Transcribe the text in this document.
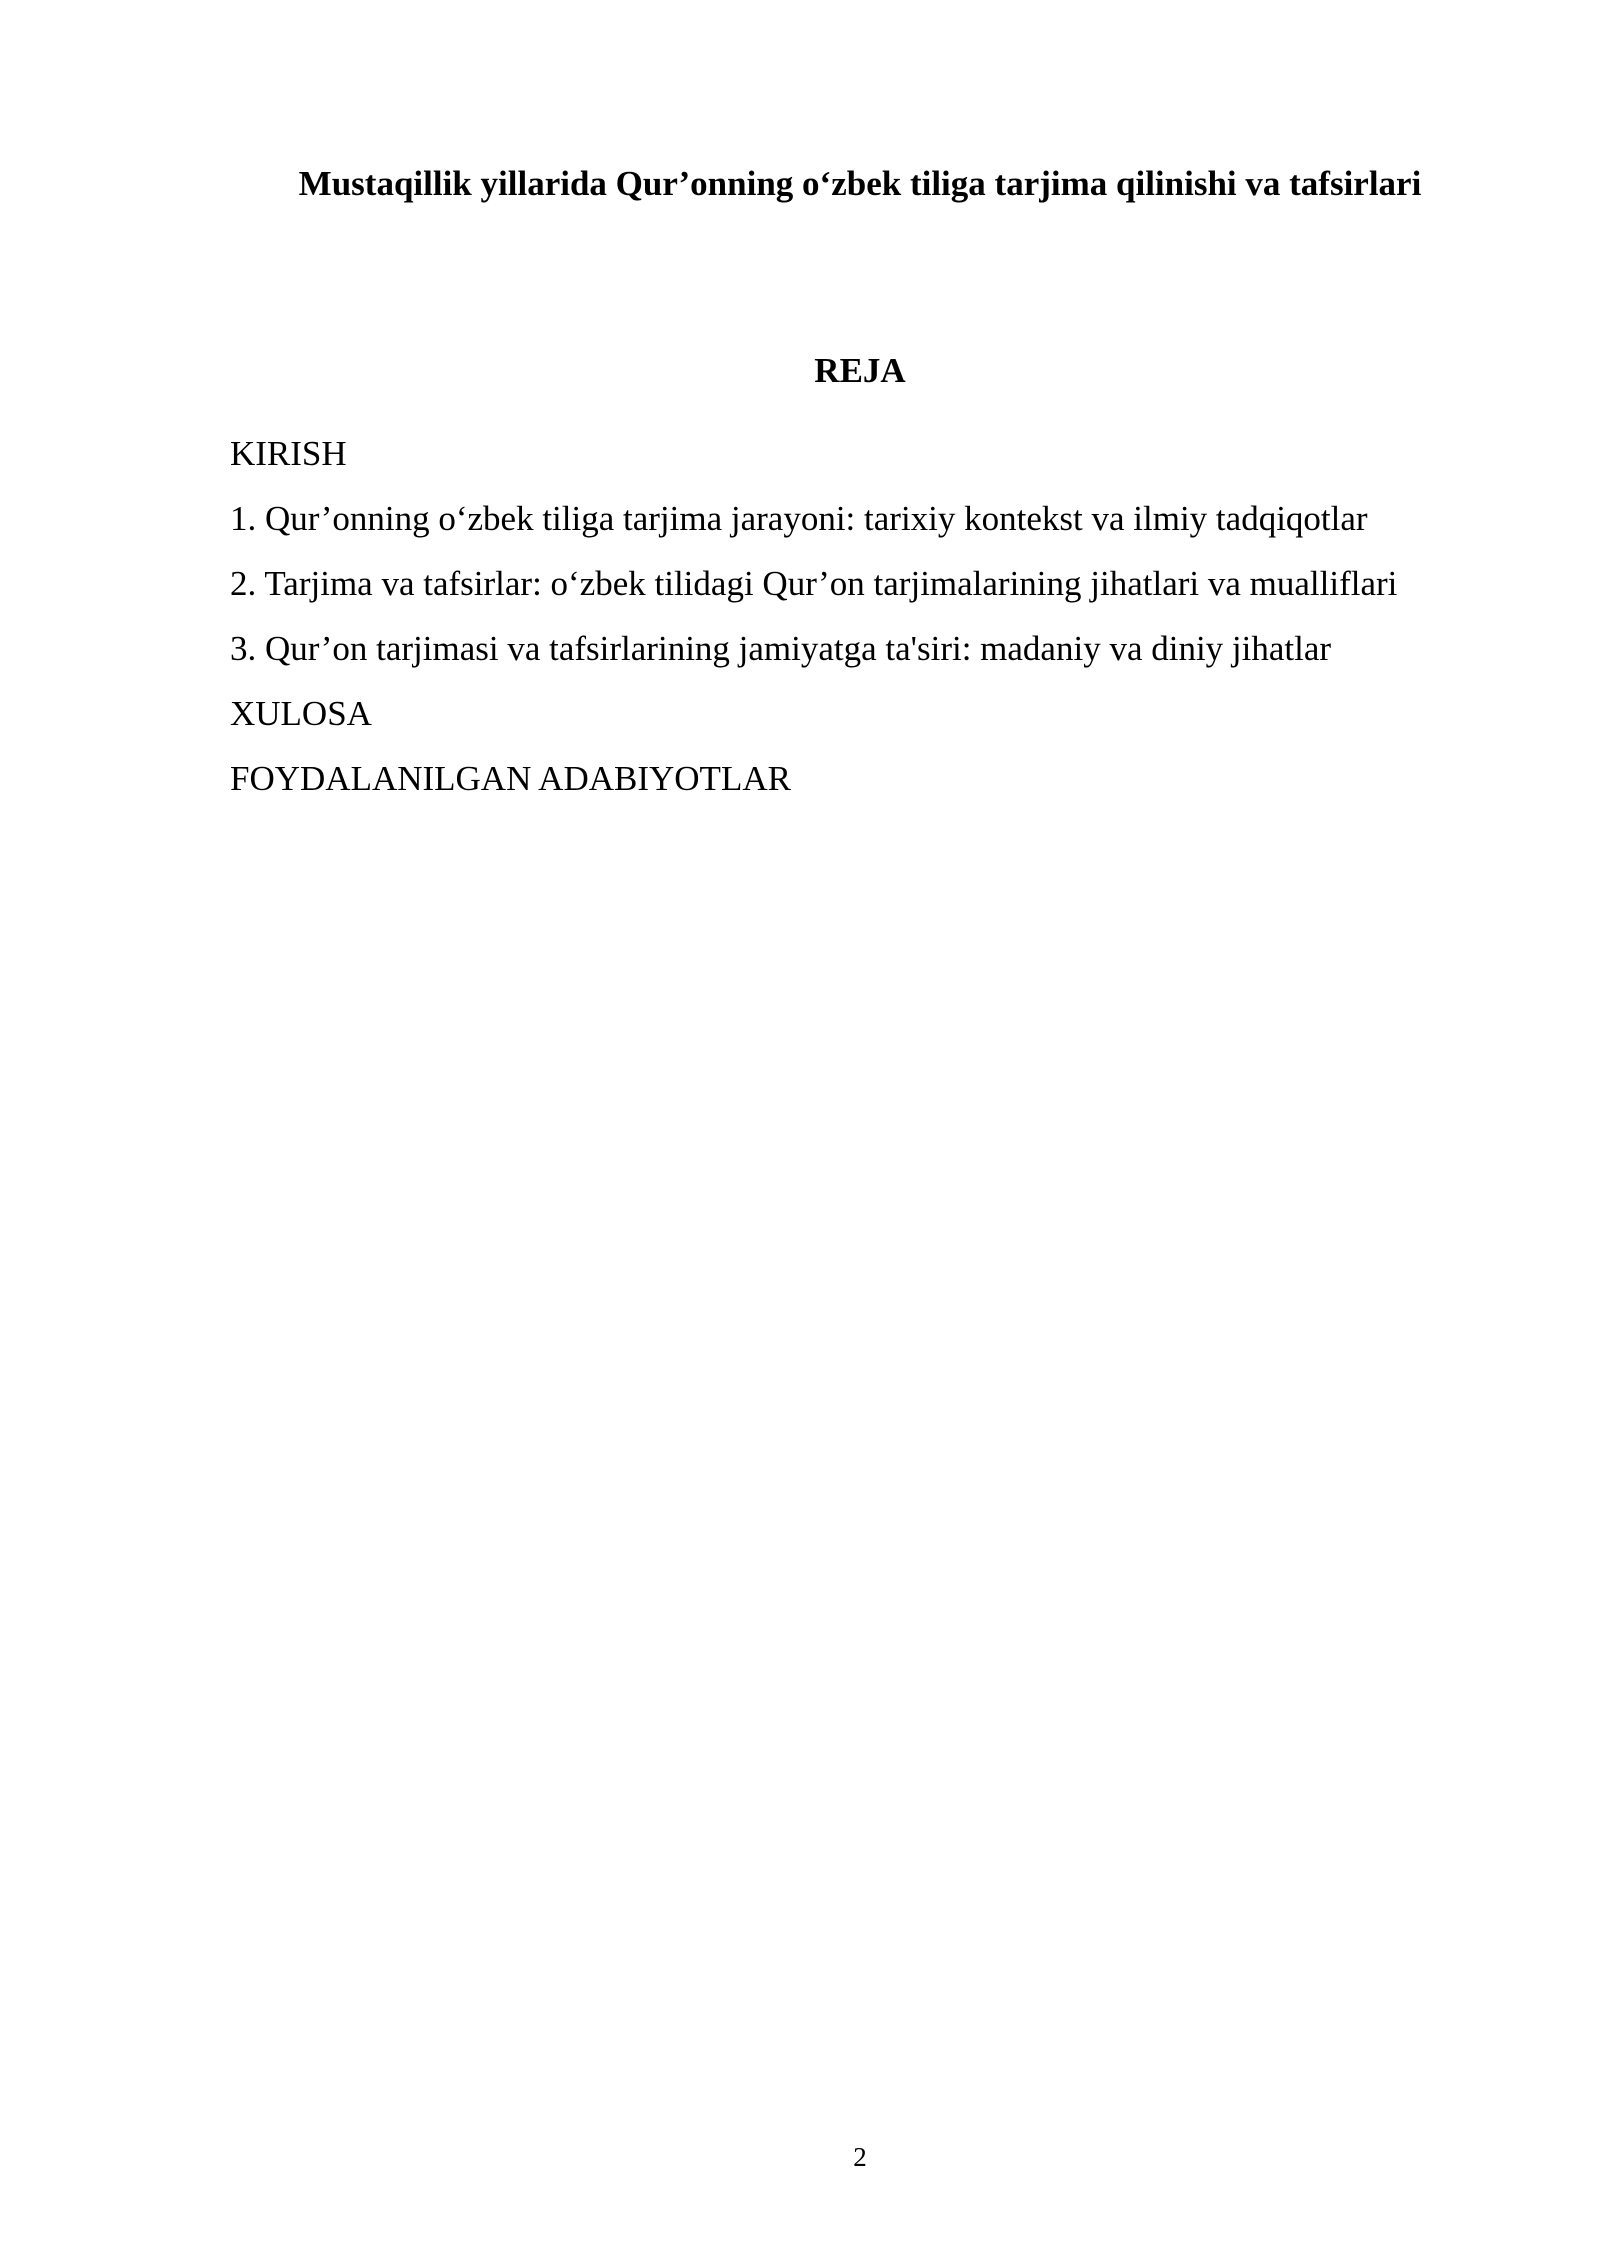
Mustaqillik yillarida Qur’onning o‘zbek tiliga tarjima qilinishi va tafsirlari
REJA
KIRISH
1. Qur’onning o‘zbek tiliga tarjima jarayoni: tarixiy kontekst va ilmiy tadqiqotlar
2. Tarjima va tafsirlar: o‘zbek tilidagi Qur’on tarjimalarining jihatlari va mualliflari
3. Qur’on tarjimasi va tafsirlarining jamiyatga ta'siri: madaniy va diniy jihatlar
XULOSA
FOYDALANILGAN ADABIYOTLAR
2
